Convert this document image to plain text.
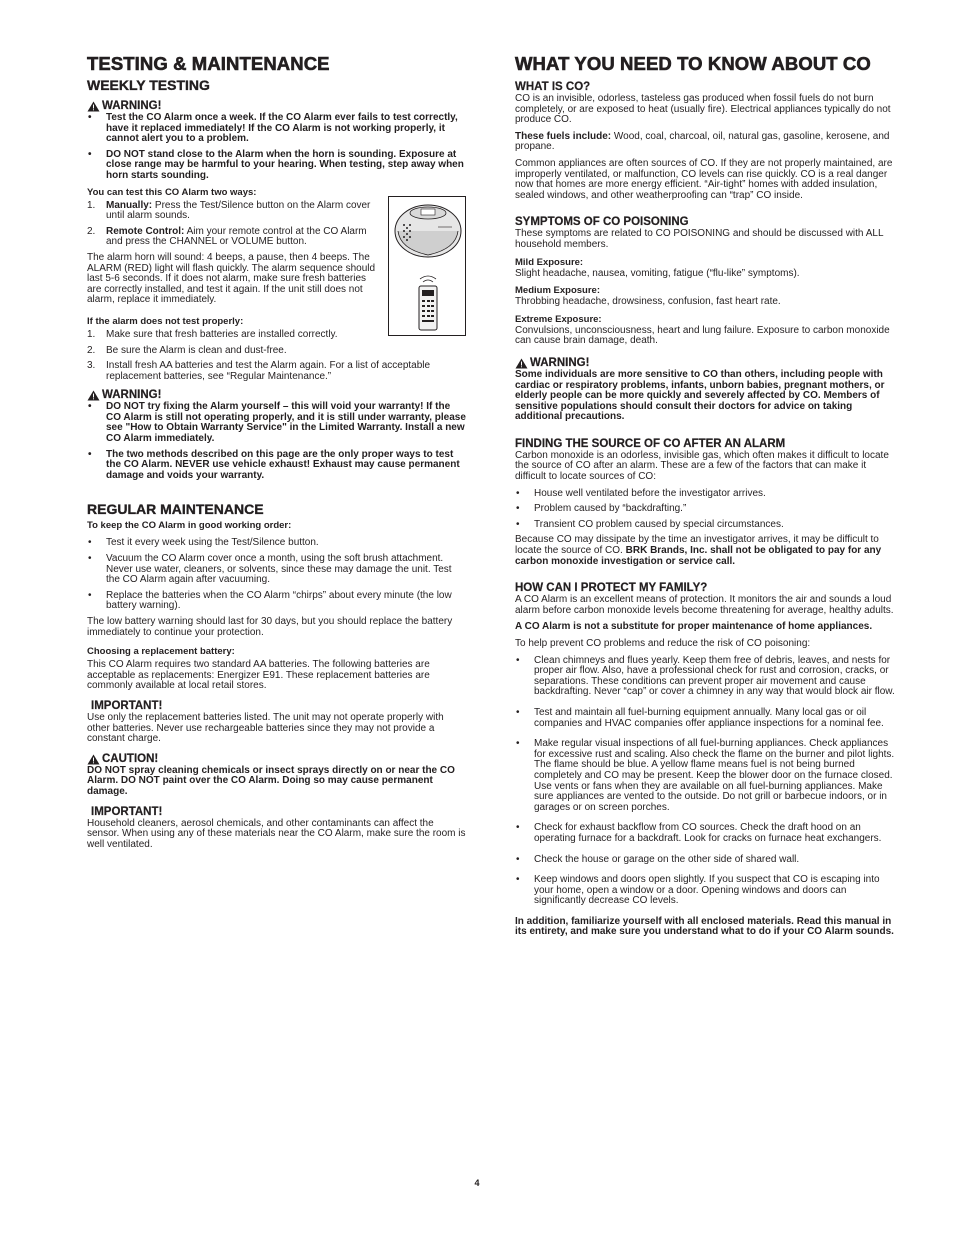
TESTING & MAINTENANCE
WEEKLY TESTING
WARNING!
• Test the CO Alarm once a week. If the CO Alarm ever fails to test correctly, have it replaced immediately! If the CO Alarm is not working properly, it cannot alert you to a problem.
• DO NOT stand close to the Alarm when the horn is sounding. Exposure at close range may be harmful to your hearing. When testing, step away when horn starts sounding.

You can test this CO Alarm two ways:

1. Manually: Press the Test/Silence button on the Alarm cover until alarm sounds.
2. Remote Control: Aim your remote control at the CO Alarm and press the CHANNEL or VOLUME button.

The alarm horn will sound: 4 beeps, a pause, then 4 beeps. The ALARM (RED) light will flash quickly. The alarm sequence should last 5-6 seconds. If it does not alarm, make sure fresh batteries are correctly installed, and test it again. If the unit still does not alarm, replace it immediately.

If the alarm does not test properly:

1. Make sure that fresh batteries are installed correctly.
2. Be sure the Alarm is clean and dust-free.
3. Install fresh AA batteries and test the Alarm again. For a list of acceptable replacement batteries, see “Regular Maintenance.”
WARNING!
• DO NOT try fixing the Alarm yourself – this will void your warranty! If the CO Alarm is still not operating properly, and it is still under warranty, please see "How to Obtain Warranty Service" in the Limited Warranty. Install a new CO Alarm immediately.
• The two methods described on this page are the only proper ways to test the CO Alarm. NEVER use vehicle exhaust! Exhaust may cause permanent damage and voids your warranty.
REGULAR MAINTENANCE

To keep the CO Alarm in good working order:

• Test it every week using the Test/Silence button.
• Vacuum the CO Alarm cover once a month, using the soft brush attachment. Never use water, cleaners, or solvents, since these may damage the unit. Test the CO Alarm again after vacuuming.
• Replace the batteries when the CO Alarm “chirps” about every minute (the low battery warning).

The low battery warning should last for 30 days, but you should replace the battery immediately to continue your protection.

Choosing a replacement battery:

This CO Alarm requires two standard AA batteries. The following batteries are acceptable as replacements: Energizer E91. These replacement batteries are commonly available at local retail stores.

IMPORTANT!

Use only the replacement batteries listed. The unit may not operate properly with other batteries. Never use rechargeable batteries since they may not provide a constant charge.

CAUTION!

DO NOT spray cleaning chemicals or insect sprays directly on or near the CO Alarm. DO NOT paint over the CO Alarm. Doing so may cause permanent damage.

IMPORTANT!

Household cleaners, aerosol chemicals, and other contaminants can affect the sensor. When using any of these materials near the CO Alarm, make sure the room is well ventilated.

WHAT YOU NEED TO KNOW ABOUT CO
WHAT IS CO?

CO is an invisible, odorless, tasteless gas produced when fossil fuels do not burn completely, or are exposed to heat (usually fire). Electrical appliances typically do not produce CO.

These fuels include: Wood, coal, charcoal, oil, natural gas, gasoline, kerosene, and propane.

Common appliances are often sources of CO. If they are not properly maintained, are improperly ventilated, or malfunction, CO levels can rise quickly. CO is a real danger now that homes are more energy efficient. “Air-tight” homes with added insulation, sealed windows, and other weatherproofing can “trap” CO inside.

SYMPTOMS OF CO POISONING

These symptoms are related to CO POISONING and should be discussed with ALL household members.

Mild Exposure:

Slight headache, nausea, vomiting, fatigue (“flu-like” symptoms).

Medium Exposure:

Throbbing headache, drowsiness, confusion, fast heart rate.

Extreme Exposure:

Convulsions, unconsciousness, heart and lung failure. Exposure to carbon monoxide can cause brain damage, death.

WARNING!

Some individuals are more sensitive to CO than others, including people with cardiac or respiratory problems, infants, unborn babies, pregnant mothers, or elderly people can be more quickly and severely affected by CO. Members of sensitive populations should consult their doctors for advice on taking additional precautions.

FINDING THE SOURCE OF CO AFTER AN ALARM

Carbon monoxide is an odorless, invisible gas, which often makes it difficult to locate the source of CO after an alarm. These are a few of the factors that can make it difficult to locate sources of CO:

• House well ventilated before the investigator arrives.
• Problem caused by “backdrafting.”
• Transient CO problem caused by special circumstances.

Because CO may dissipate by the time an investigator arrives, it may be difficult to locate the source of CO. BRK Brands, Inc. shall not be obligated to pay for any carbon monoxide investigation or service call.

HOW CAN I PROTECT MY FAMILY?

A CO Alarm is an excellent means of protection. It monitors the air and sounds a loud alarm before carbon monoxide levels become threatening for average, healthy adults.

A CO Alarm is not a substitute for proper maintenance of home appliances.

To help prevent CO problems and reduce the risk of CO poisoning:

• Clean chimneys and flues yearly. Keep them free of debris, leaves, and nests for proper air flow. Also, have a professional check for rust and corrosion, cracks, or separations. These conditions can prevent proper air movement and cause backdrafting. Never “cap” or cover a chimney in any way that would block air flow.
• Test and maintain all fuel-burning equipment annually. Many local gas or oil companies and HVAC companies offer appliance inspections for a nominal fee.
• Make regular visual inspections of all fuel-burning appliances. Check appliances for excessive rust and scaling. Also check the flame on the burner and pilot lights. The flame should be blue. A yellow flame means fuel is not being burned completely and CO may be present. Keep the blower door on the furnace closed. Use vents or fans when they are available on all fuel-burning appliances. Make sure appliances are vented to the outside. Do not grill or barbecue indoors, or in garages or on screen porches.
• Check for exhaust backflow from CO sources. Check the draft hood on an operating furnace for a backdraft. Look for cracks on furnace heat exchangers.
• Check the house or garage on the other side of shared wall.
• Keep windows and doors open slightly. If you suspect that CO is escaping into your home, open a window or a door. Opening windows and doors can significantly decrease CO levels.

In addition, familiarize yourself with all enclosed materials. Read this manual in its entirety, and make sure you understand what to do if your CO Alarm sounds.

4
